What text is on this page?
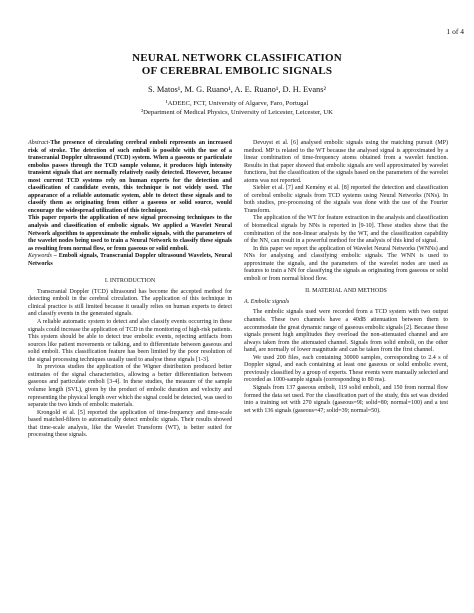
1 of 4
NEURAL NETWORK CLASSIFICATION
OF CEREBRAL EMBOLIC SIGNALS
S. Matos¹, M. G. Ruano¹, A. E. Ruano¹, D. H. Evans²
¹ADEEC, FCT, University of Algarve, Faro, Portugal
²Department of Medical Physics, University of Leicester, Leicester, UK

Abstract-The presence of circulating cerebral emboli represents an increased risk of stroke. The detection of such emboli is possible with the use of a transcranial Doppler ultrasound (TCD) system. When a gaseous or particulate embolus passes through the TCD sample volume, it produces high intensity transient signals that are normally relatively easily detected. However, because most current TCD systems rely on human experts for the detection and classification of candidate events, this technique is not widely used. The appearance of a reliable automatic system, able to detect these signals and to classify them as originating from either a gaseous or solid source, would encourage the widespread utilization of this technique.

This paper reports the application of new signal processing techniques to the analysis and classification of embolic signals. We applied a Wavelet Neural Network algorithm to approximate the embolic signals, with the parameters of the wavelet nodes being used to train a Neural Network to classify these signals as resulting from normal flow, or from gaseous or solid emboli.

Keywords – Emboli signals, Transcranial Doppler ultrasound Wavelets, Neural Networks

I. INTRODUCTION

Transcranial Doppler (TCD) ultrasound has become the accepted method for detecting emboli in the cerebral circulation. The application of this technique in clinical practice is still limited because it usually relies on human experts to detect and classify events in the generated signals.

A reliable automatic system to detect and also classify events occurring in these signals could increase the application of TCD in the monitoring of high-risk patients. This system should be able to detect true embolic events, rejecting artifacts from sources like patient movements or talking, and to differentiate between gaseous and solid emboli. This classification feature has been limited by the poor resolution of the signal processing techniques usually used to analyse these signals [1-3].

In previous studies the application of the Wigner distribution produced better estimates of the signal characteristics, allowing a better differentiation between gaseous and particulate emboli [3-4]. In these studies, the measure of the sample volume length (SVL), given by the product of embolic duration and velocity and representing the physical length over which the signal could be detected, was used to separate the two kinds of embolic materials.

Krongold et al. [5] reported the application of time-frequency and time-scale based matched-filters to automatically detect embolic signals. Their results showed that time-scale analysis, like the Wavelet Transform (WT), is better suited for processing these signals.

Devuyst et al. [6] analysed embolic signals using the matching pursuit (MP) method. MP is related to the WT because the analysed signal is approximated by a linear combination of time-frequency atoms obtained from a wavelet function. Results in that paper showed that embolic signals are well approximated by wavelet functions, but the classification of the signals based on the parameters of the wavelet atoms was not reported.

Siebler et al. [7] and Kemény et al. [8] reported the detection and classification of cerebral embolic signals from TCD systems using Neural Networks (NNs). In both studies, pre-processing of the signals was done with the use of the Fourier Transform.

The application of the WT for feature extraction in the analysis and classification of biomedical signals by NNs is reported in [9-10]. These studies show that the combination of the non-linear analysis by the WT, and the classification capability of the NN, can result in a powerful method for the analysis of this kind of signal.

In this paper we report the application of Wavelet Neural Networks (WNNs) and NNs for analysing and classifying embolic signals. The WNN is used to approximate the signals, and the parameters of the wavelet nodes are used as features to train a NN for classifying the signals as originating from gaseous or solid emboli or from normal blood flow.

II. MATERIAL AND METHODS
A. Embolic signals

The embolic signals used were recorded from a TCD system with two output channels. These two channels have a 40dB attenuation between them to accommodate the great dynamic range of gaseous embolic signals [2]. Because these signals present high amplitudes they overload the non-attenuated channel and are always taken from the attenuated channel. Signals from solid emboli, on the other hand, are normally of lower magnitude and can be taken from the first channel.

We used 200 files, each containing 30000 samples, corresponding to 2.4 s of Doppler signal, and each containing at least one gaseous or solid embolic event, previously classified by a group of experts. These events were manually selected and recorded as 1000-sample signals (corresponding to 80 ms).

Signals from 137 gaseous emboli, 119 solid emboli, and 150 from normal flow formed the data set used. For the classification part of the study, this set was divided into a training set with 270 signals (gaseous=9I; solid=80; normal=100) and a test set with 136 signals (gaseous=47; solid=39; normal=50).
